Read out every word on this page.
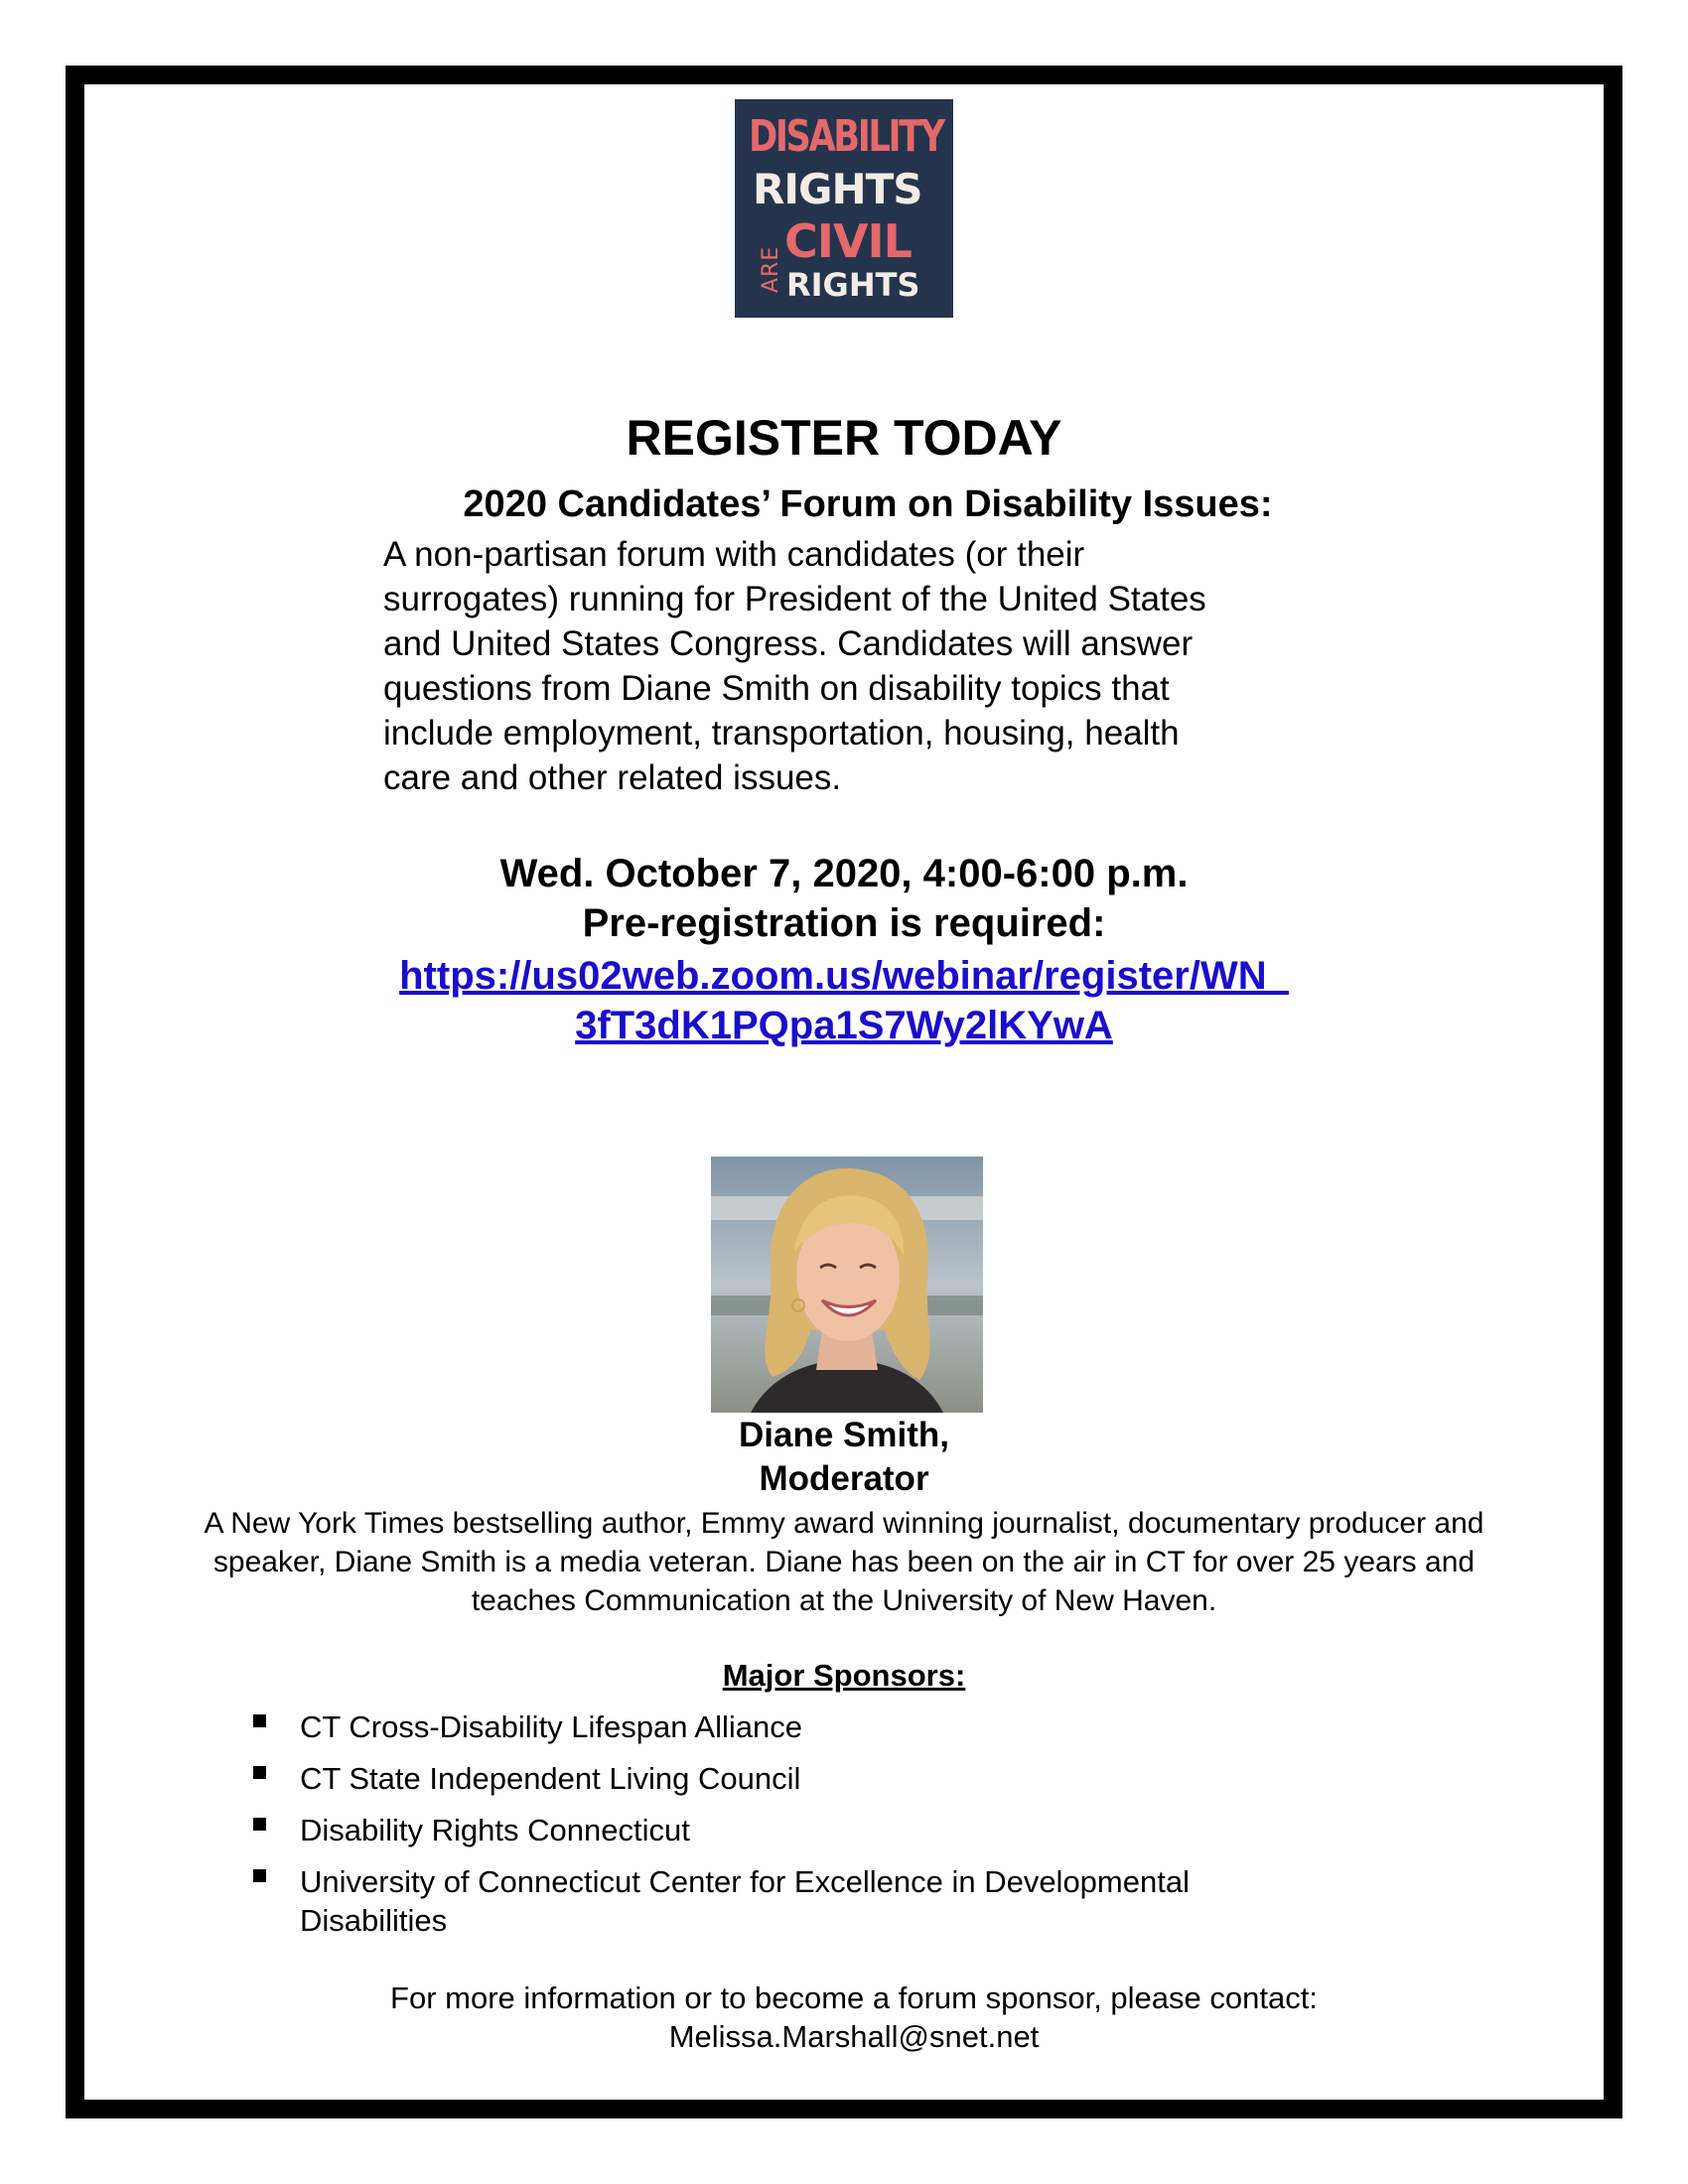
DISABILITY
RIGHTS
ARE
CIVIL
RIGHTS
REGISTER TODAY
2020 Candidates’ Forum on Disability Issues:
A non-partisan forum with candidates (or their
surrogates) running for President of the United States
and United States Congress. Candidates will answer
questions from Diane Smith on disability topics that
include employment, transportation, housing, health
care and other related issues.
Wed. October 7, 2020, 4:00-6:00 p.m.
Pre-registration is required:
https://us02web.zoom.us/webinar/register/WN_
3fT3dK1PQpa1S7Wy2lKYwA
Diane Smith,
Moderator
A New York Times bestselling author, Emmy award winning journalist, documentary producer and
speaker, Diane Smith is a media veteran. Diane has been on the air in CT for over 25 years and
teaches Communication at the University of New Haven.
Major Sponsors:
CT Cross-Disability Lifespan Alliance
CT State Independent Living Council
Disability Rights Connecticut
University of Connecticut Center for Excellence in Developmental Disabilities
For more information or to become a forum sponsor, please contact:
Melissa.Marshall@snet.net
